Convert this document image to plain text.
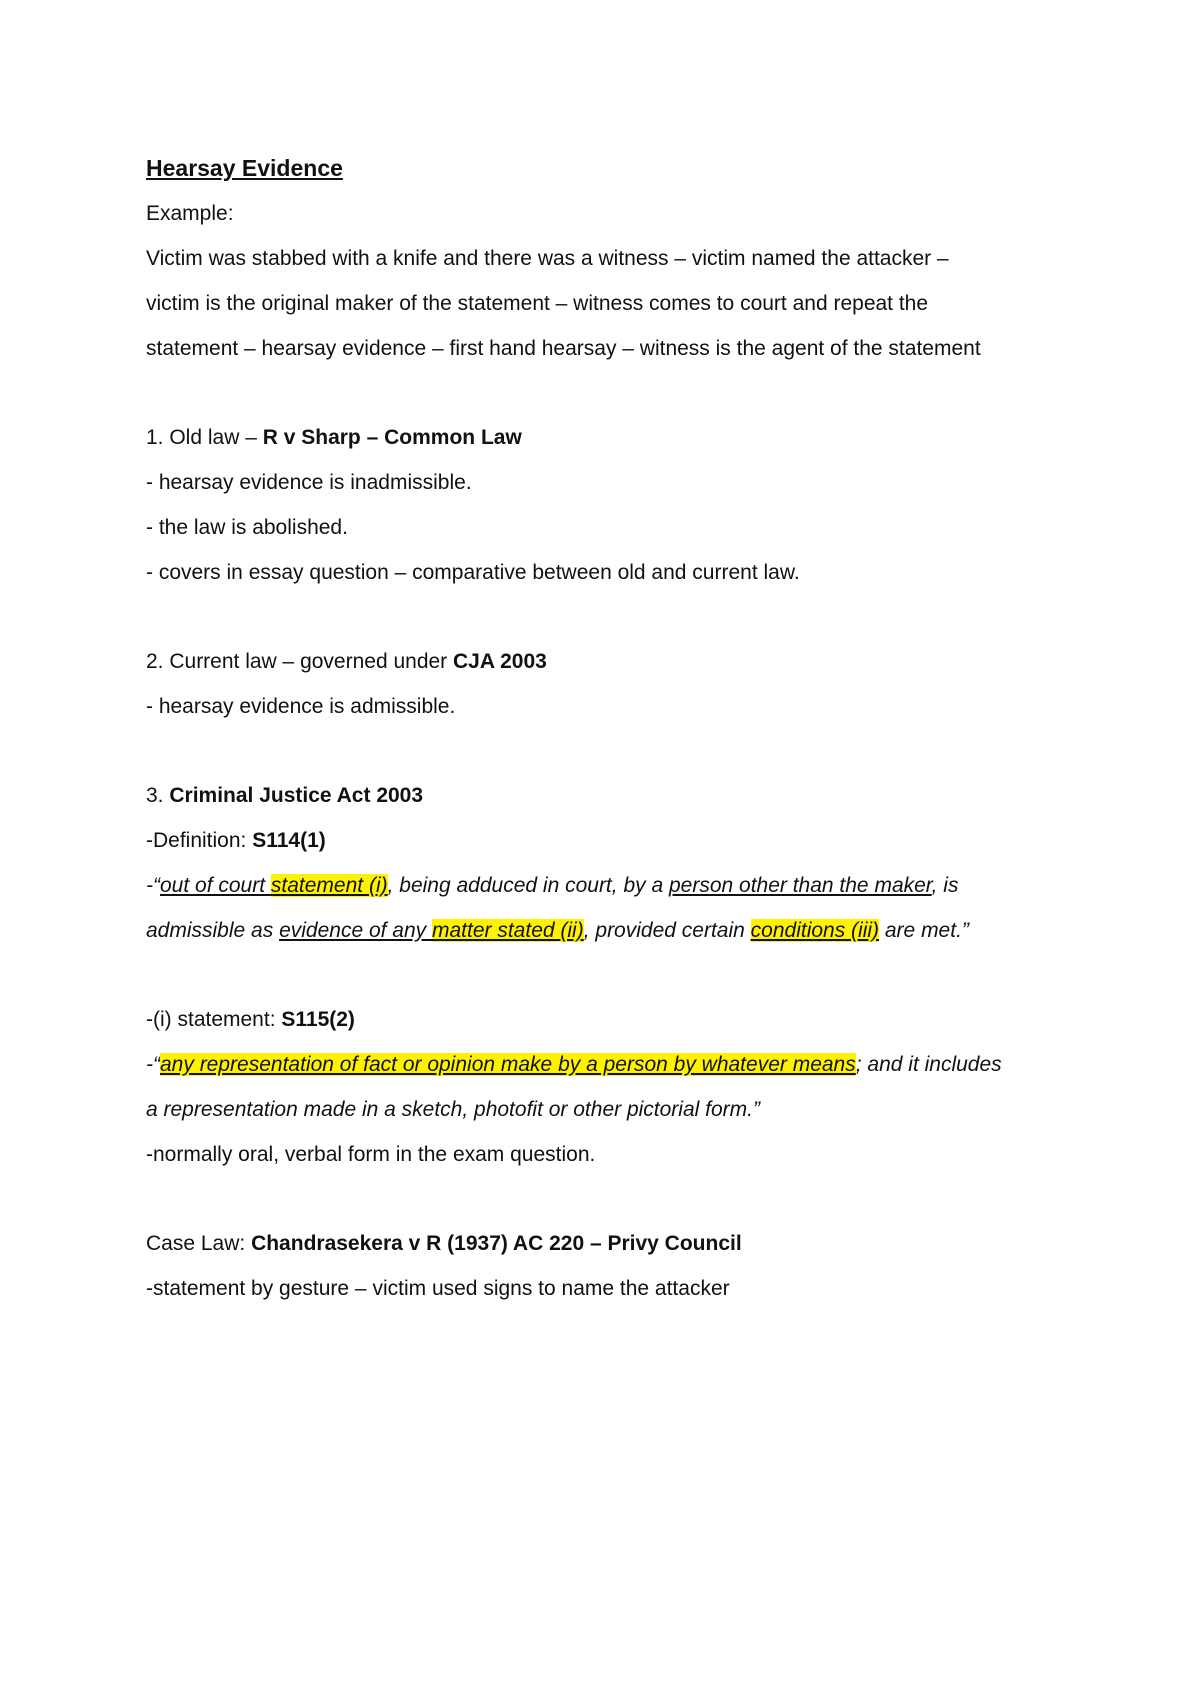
Hearsay Evidence
Example:
Victim was stabbed with a knife and there was a witness – victim named the attacker –
victim is the original maker of the statement – witness comes to court and repeat the
statement – hearsay evidence – first hand hearsay – witness is the agent of the statement
1. Old law – R v Sharp – Common Law
- hearsay evidence is inadmissible.
- the law is abolished.
- covers in essay question – comparative between old and current law.
2. Current law – governed under CJA 2003
- hearsay evidence is admissible.
3. Criminal Justice Act 2003
-Definition: S114(1)
-“out of court statement (i), being adduced in court, by a person other than the maker, is
admissible as evidence of any matter stated (ii), provided certain conditions (iii) are met.”
-(i) statement: S115(2)
-“any representation of fact or opinion make by a person by whatever means; and it includes
a representation made in a sketch, photofit or other pictorial form.”
-normally oral, verbal form in the exam question.
Case Law: Chandrasekera v R (1937) AC 220 – Privy Council
-statement by gesture – victim used signs to name the attacker
